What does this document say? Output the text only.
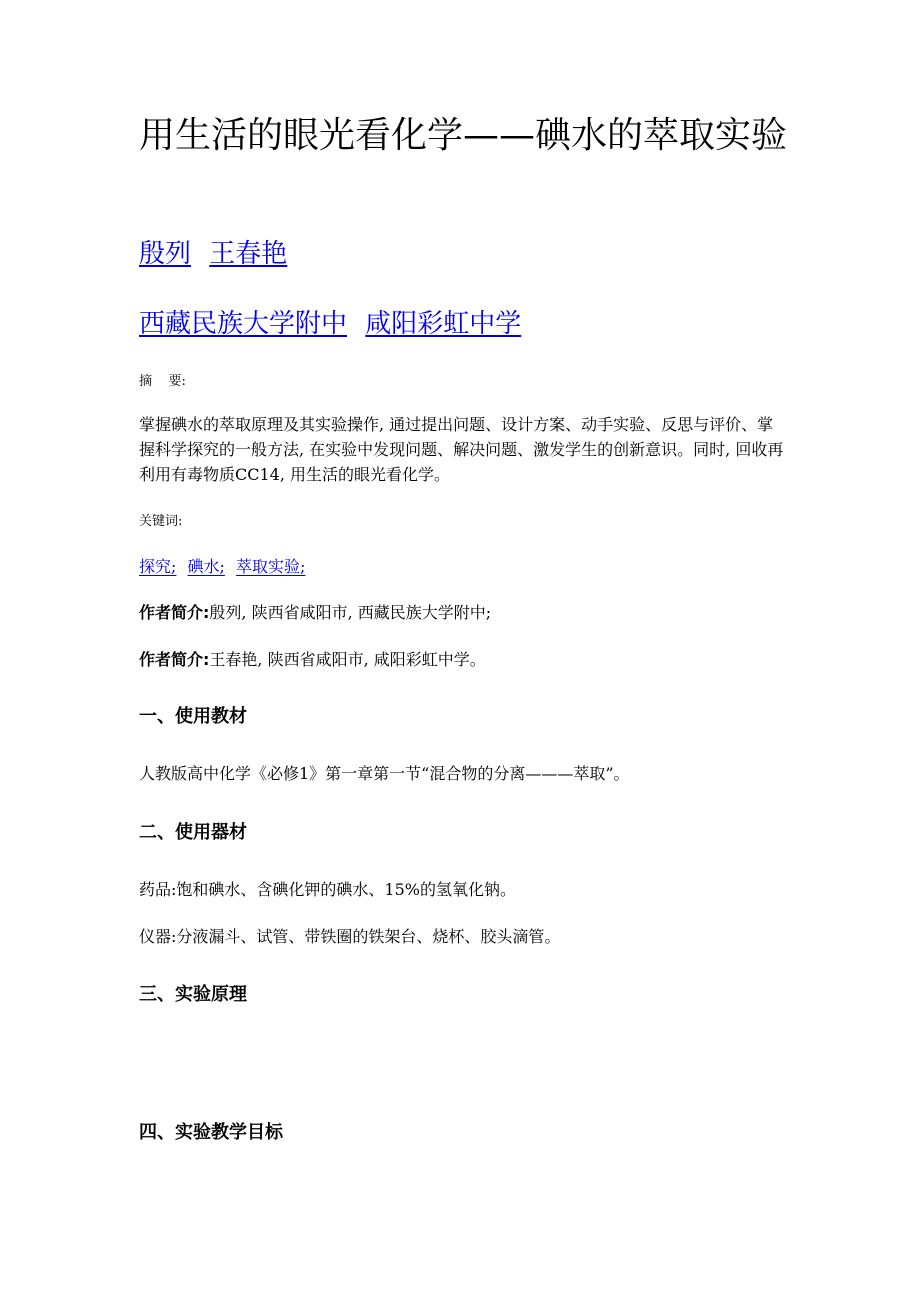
用生活的眼光看化学——碘水的萃取实验
殷列 王春艳
西藏民族大学附中 咸阳彩虹中学
摘    要:

掌握碘水的萃取原理及其实验操作, 通过提出问题、设计方案、动手实验、反思与评价、掌握科学探究的一般方法, 在实验中发现问题、解决问题、激发学生的创新意识。同时, 回收再利用有毒物质CC14, 用生活的眼光看化学。

关键词:
探究; 碘水; 萃取实验;
作者简介:殷列, 陕西省咸阳市, 西藏民族大学附中;
作者简介:王春艳, 陕西省咸阳市, 咸阳彩虹中学。
一、使用教材

人教版高中化学《必修1》第一章第一节“混合物的分离———萃取”。

二、使用器材

药品:饱和碘水、含碘化钾的碘水、15%的氢氧化钠。

仪器:分液漏斗、试管、带铁圈的铁架台、烧杯、胶头滴管。

三、实验原理
四、实验教学目标
